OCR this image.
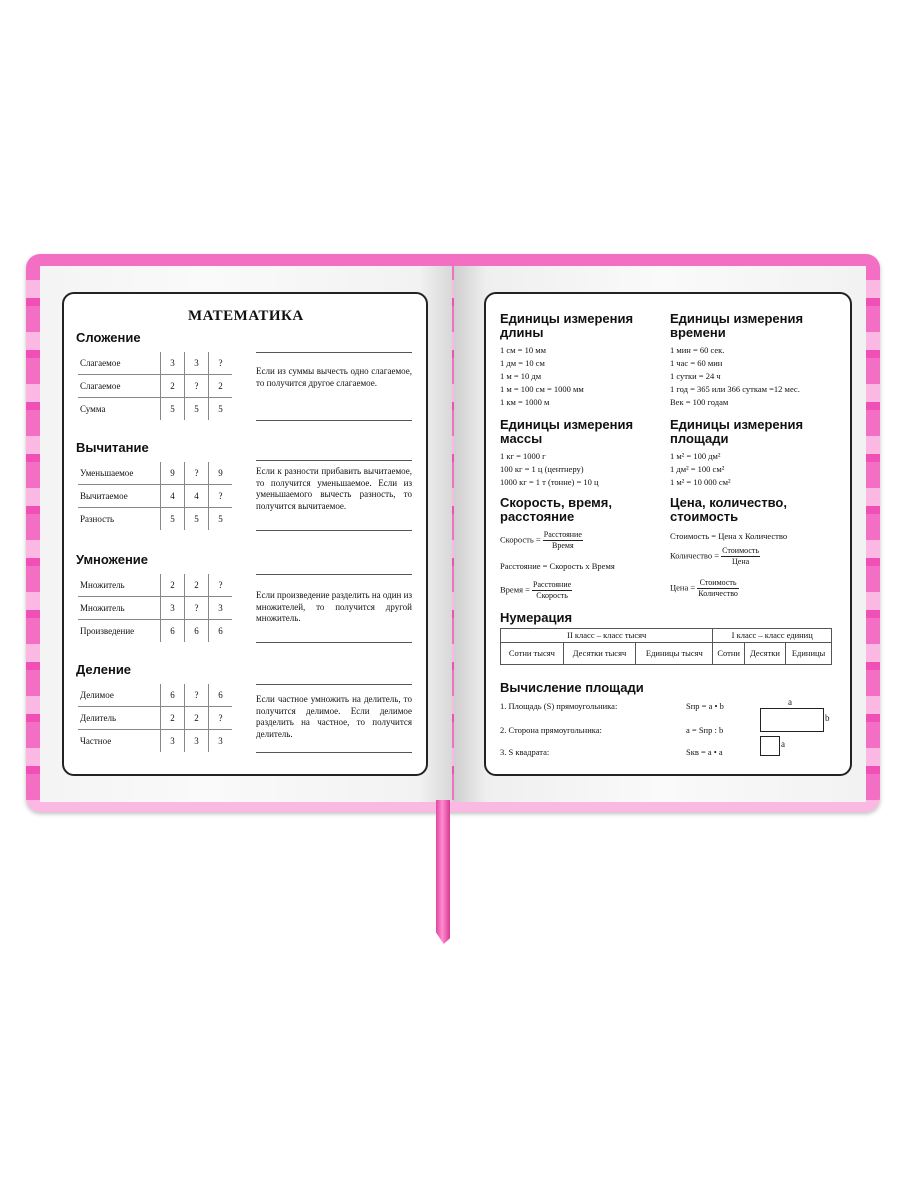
МАТЕМАТИКА
Сложение
Слагаемое	3	3	?
Слагаемое	2	?	2
Сумма	5	5	5
Если из суммы вычесть одно слагаемое, то получится другое слагаемое.
Вычитание
Уменьшаемое	9	?	9
Вычитаемое	4	4	?
Разность	5	5	5
Если к разности прибавить вычитаемое, то получится уменьшаемое. Если из уменьшаемого вычесть разность, то получится вычитаемое.
Умножение
Множитель	2	2	?
Множитель	3	?	3
Произведение	6	6	6
Если произведение разделить на один из множителей, то получится другой множитель.
Деление
Делимое	6	?	6
Делитель	2	2	?
Частное	3	3	3
Если частное умножить на делитель, то получится делимое. Если делимое разделить на частное, то получится делитель.
Единицы измерения длины
1 см = 10 мм
1 дм = 10 см
1 м = 10 дм
1 м = 100 см = 1000 мм
1 км = 1000 м
Единицы измерения времени
1 мин = 60 сек.
1 час = 60 мин
1 сутки = 24 ч
1 год = 365 или 366 суткам =12 мес.
Век = 100 годам
Единицы измерения массы
1 кг = 1000 г
100 кг = 1 ц (центнеру)
1000 кг = 1 т (тонне) = 10 ц
Единицы измерения площади
1 м² = 100 дм²
1 дм² = 100 см²
1 м² = 10 000 см²
Скорость, время, расстояние
Скорость = $\frac{\text{Расстояние}}{\text{Время}}$
Расстояние = Скорость х Время
Время = $\frac{\text{Расстояние}}{\text{Скорость}}$
Цена, количество, стоимость
Стоимость = Цена х Количество
Количество = $\frac{\text{Стоимость}}{\text{Цена}}$
Цена = $\frac{\text{Стоимость}}{\text{Количество}}$
Нумерация
II класс – класс тысяч			I класс – класс единиц		
Сотни тысяч	Десятки тысяч	Единицы тысяч	Сотни	Десятки	Единицы
Вычисление площади
1. Площадь (S) прямоугольника:	Sпр = a • b
2. Сторона прямоугольника:	a = Sпр : b
3. S квадрата:	Sкв = a • a
a
b
a
